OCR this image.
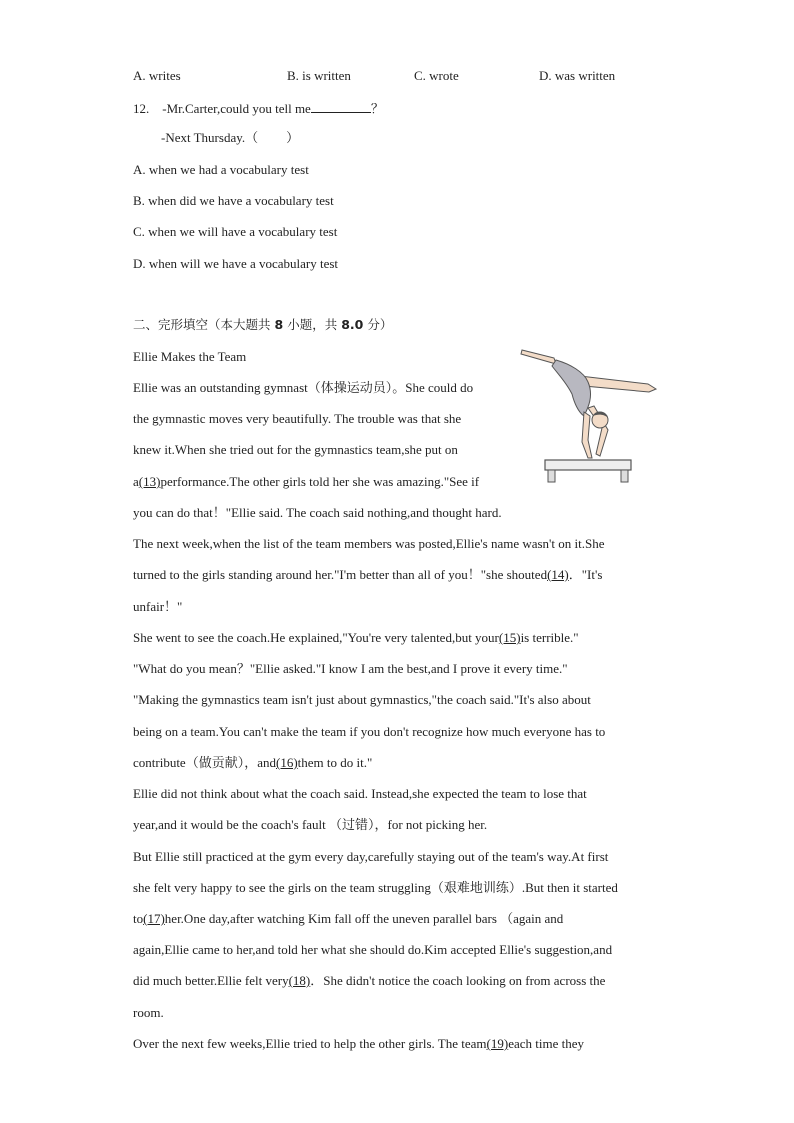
A. writes	B. is written	C. wrote	D. was written
12. -Mr.Carter,could you tell me	？
-Next Thursday.（ ）
A. when we had a vocabulary test
B. when did we have a vocabulary test
C. when we will have a vocabulary test
D. when will we have a vocabulary test
二、完形填空（本大题共 8 小题，共 8.0 分）
Ellie Makes the Team
Ellie was an outstanding gymnast（体操运动员）。She could do
the gymnastic moves very beautifully. The trouble was that she
knew it.When she tried out for the gymnastics team,she put on
a(13)performance.The other girls told her she was amazing."See if
you can do that！"Ellie said. The coach said nothing,and thought hard.
The next week,when the list of the team members was posted,Ellie's name wasn't on it.She
turned to the girls standing around her."I'm better than all of you！"she shouted(14)．"It's
unfair！"
She went to see the coach.He explained,"You're very talented,but your(15)is terrible."
"What do you mean？"Ellie asked."I know I am the best,and I prove it every time."
"Making the gymnastics team isn't just about gymnastics,"the coach said."It's also about
being on a team.You can't make the team if you don't recognize how much everyone has to
contribute（做贡献），and(16)them to do it."
Ellie did not think about what the coach said. Instead,she expected the team to lose that
year,and it would be the coach's fault （过错），for not picking her.
But Ellie still practiced at the gym every day,carefully staying out of the team's way.At first
she felt very happy to see the girls on the team struggling（艰难地训练）.But then it started
to(17)her.One day,after watching Kim fall off the uneven parallel bars （again and
again,Ellie came to her,and told her what she should do.Kim accepted Ellie's suggestion,and
did much better.Ellie felt very(18)．She didn't notice the coach looking on from across the
room.
Over the next few weeks,Ellie tried to help the other girls. The team(19)each time they
